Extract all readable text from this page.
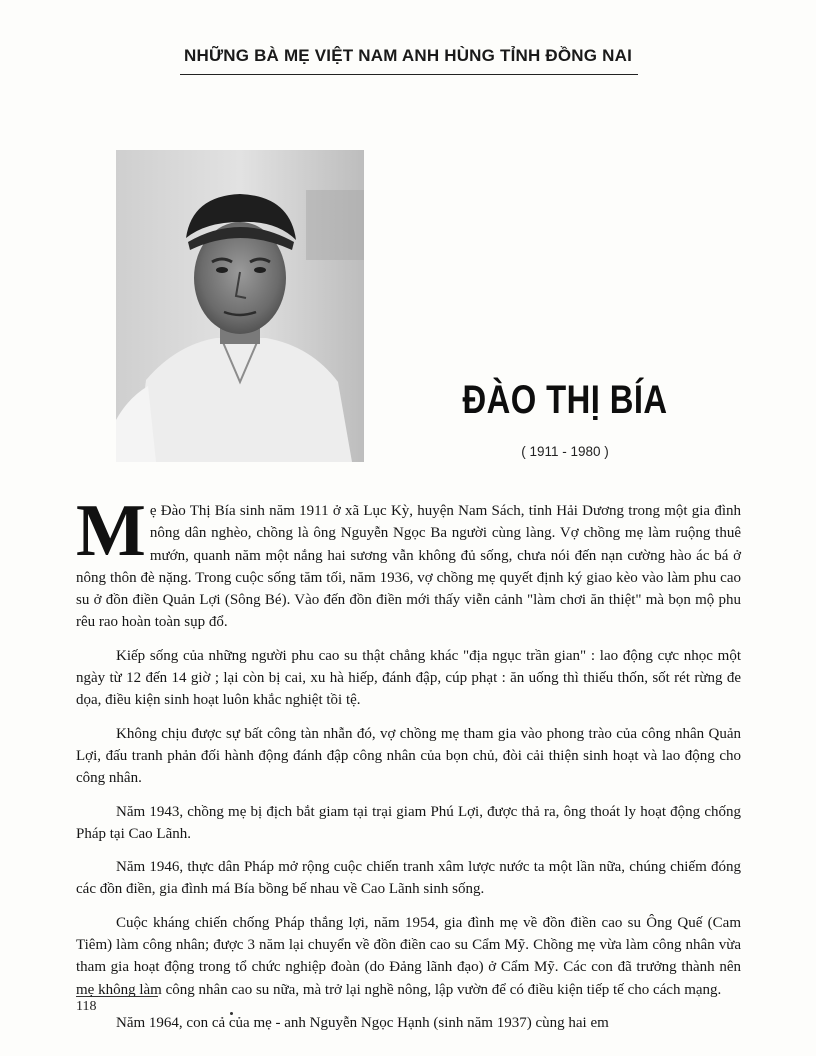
NHỮNG BÀ MẸ VIỆT NAM ANH HÙNG TỈNH ĐỒNG NAI
ĐÀO THỊ BÍA
( 1911 - 1980 )

Mẹ Đào Thị Bía sinh năm 1911 ở xã Lục Kỳ, huyện Nam Sách, tỉnh Hải Dương trong một gia đình nông dân nghèo, chồng là ông Nguyễn Ngọc Ba người cùng làng. Vợ chồng mẹ làm ruộng thuê mướn, quanh năm một nắng hai sương vẫn không đủ sống, chưa nói đến nạn cường hào ác bá ở nông thôn đè nặng. Trong cuộc sống tăm tối, năm 1936, vợ chồng mẹ quyết định ký giao kèo vào làm phu cao su ở đồn điền Quản Lợi (Sông Bé). Vào đến đồn điền mới thấy viễn cảnh "làm chơi ăn thiệt" mà bọn mộ phu rêu rao hoàn toàn sụp đổ.

Kiếp sống của những người phu cao su thật chẳng khác "địa ngục trần gian" : lao động cực nhọc một ngày từ 12 đến 14 giờ ; lại còn bị cai, xu hà hiếp, đánh đập, cúp phạt : ăn uống thì thiếu thốn, sốt rét rừng đe dọa, điều kiện sinh hoạt luôn khắc nghiệt tồi tệ.

Không chịu được sự bất công tàn nhẫn đó, vợ chồng mẹ tham gia vào phong trào của công nhân Quản Lợi, đấu tranh phản đối hành động đánh đập công nhân của bọn chủ, đòi cải thiện sinh hoạt và lao động cho công nhân.

Năm 1943, chồng mẹ bị địch bắt giam tại trại giam Phú Lợi, được thả ra, ông thoát ly hoạt động chống Pháp tại Cao Lãnh.

Năm 1946, thực dân Pháp mở rộng cuộc chiến tranh xâm lược nước ta một lần nữa, chúng chiếm đóng các đồn điền, gia đình má Bía bồng bế nhau về Cao Lãnh sinh sống.

Cuộc kháng chiến chống Pháp thắng lợi, năm 1954, gia đình mẹ về đồn điền cao su Ông Quế (Cam Tiêm) làm công nhân; được 3 năm lại chuyển về đồn điền cao su Cẩm Mỹ. Chồng mẹ vừa làm công nhân vừa tham gia hoạt động trong tổ chức nghiệp đoàn (do Đảng lãnh đạo) ở Cẩm Mỹ. Các con đã trưởng thành nên mẹ không làm công nhân cao su nữa, mà trở lại nghề nông, lập vườn để có điều kiện tiếp tế cho cách mạng.

Năm 1964, con cả của mẹ - anh Nguyễn Ngọc Hạnh (sinh năm 1937) cùng hai em

118
